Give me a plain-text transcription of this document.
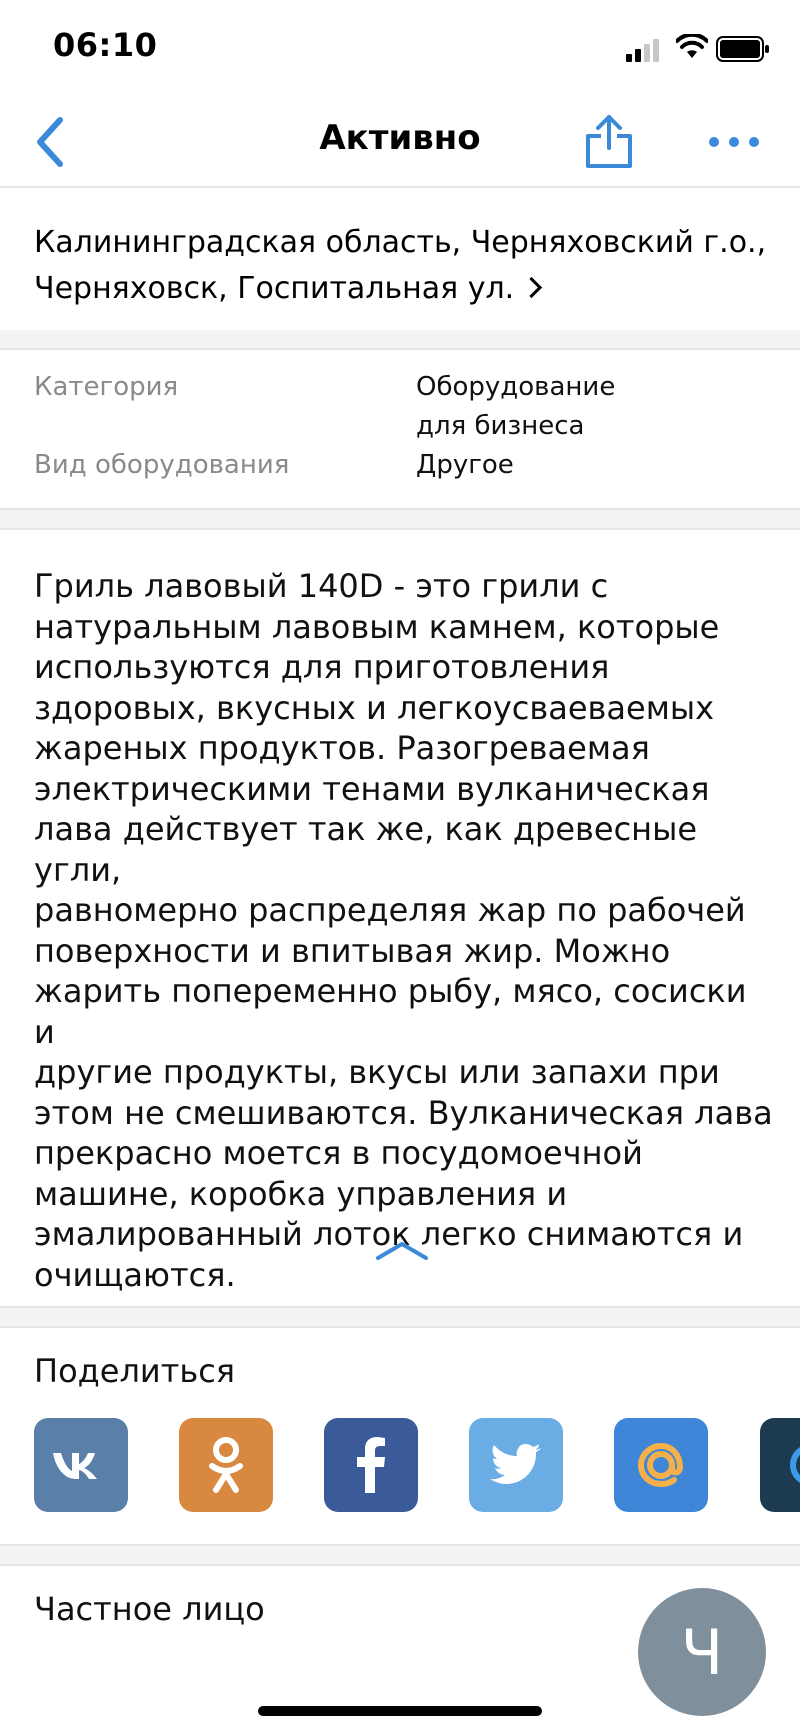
06:10
Активно
Калининградская область, Черняховский г.о.,
Черняховск, Госпитальная ул.
Категория	Оборудование
для бизнеса
Вид оборудования	Другое
Гриль лавовый 140D - это грили с
натуральным лавовым камнем, которые
используются для приготовления
здоровых, вкусных и легкоусваеваемых
жареных продуктов. Разогреваемая
электрическими тенами вулканическая
лава действует так же, как древесные угли,
равномерно распределяя жар по рабочей
поверхности и впитывая жир. Можно
жарить попеременно рыбу, мясо, сосиски и
другие продукты, вкусы или запахи при
этом не смешиваются. Вулканическая лава
прекрасно моется в посудомоечной
машине, коробка управления и
эмалированный лоток легко снимаются и
очищаются.
Поделиться
Частное лицо
Ч
